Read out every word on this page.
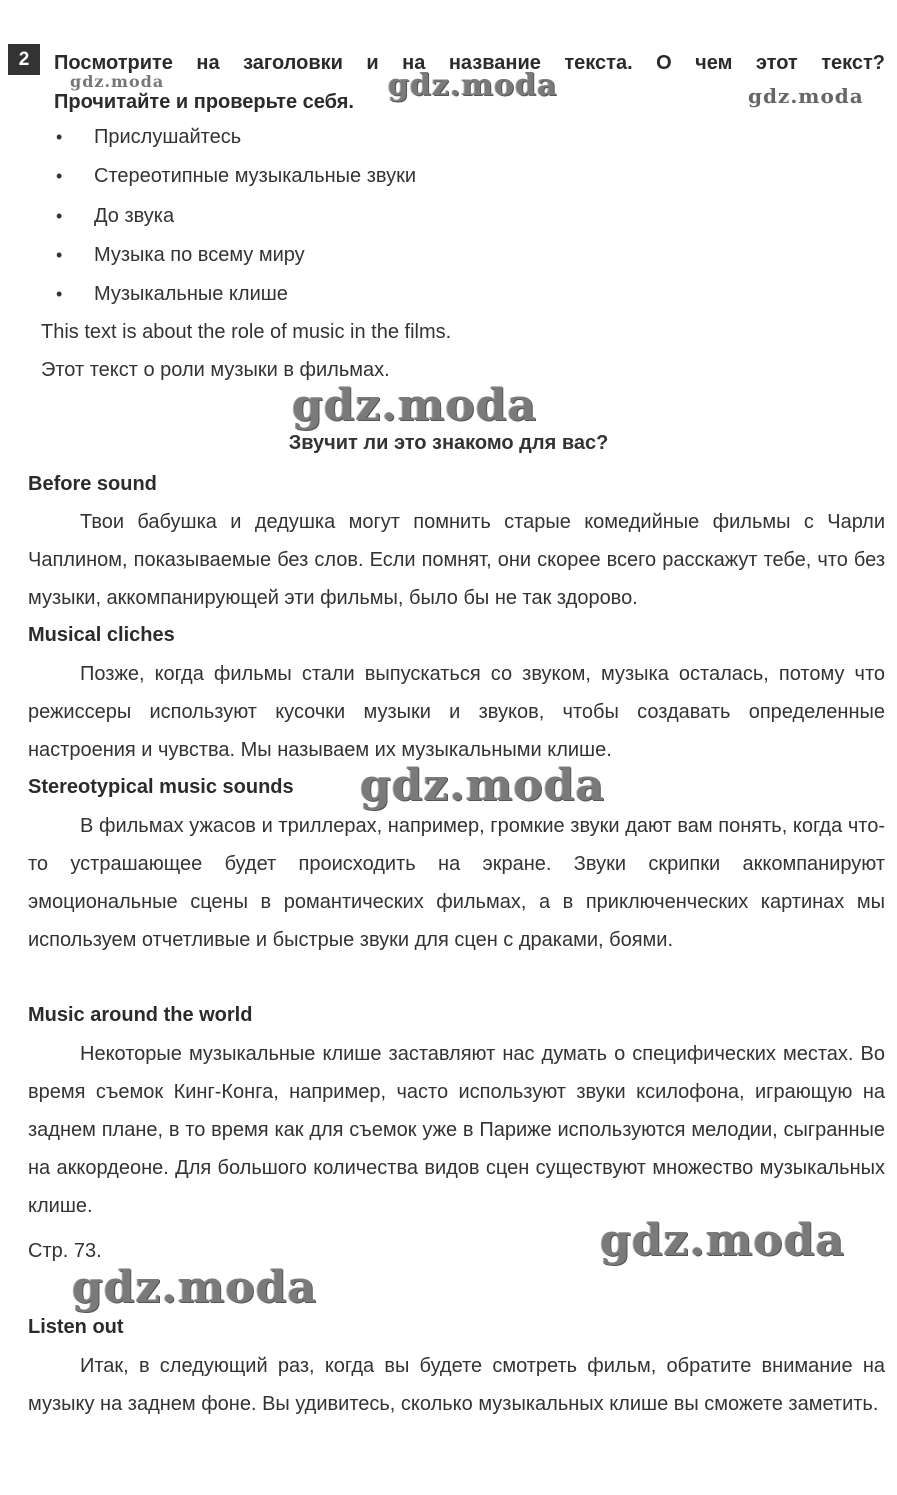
2	Посмотрите на заголовки и на название текста. О чем этот текст?
Прочитайте и проверьте себя.
•	Прислушайтесь
•	Стереотипные музыкальные звуки
•	До звука
•	Музыка по всему миру
•	Музыкальные клише
This text is about the role of music in the films.
Этот текст о роли музыки в фильмах.
Звучит ли это знакомо для вас?
Before sound

Твои бабушка и дедушка могут помнить старые комедийные фильмы с Чарли Чаплином, показываемые без слов. Если помнят, они скорее всего расскажут тебе, что без музыки, аккомпанирующей эти фильмы, было бы не так здорово.

Musical cliches

Позже, когда фильмы стали выпускаться со звуком, музыка осталась, потому что режиссеры используют кусочки музыки и звуков, чтобы создавать определенные настроения и чувства. Мы называем их музыкальными клише.

Stereotypical music sounds

В фильмах ужасов и триллерах, например, громкие звуки дают вам понять, когда что-то устрашающее будет происходить на экране. Звуки скрипки аккомпанируют эмоциональные сцены в романтических фильмах, а в приключенческих картинах мы используем отчетливые и быстрые звуки для сцен с драками, боями.

Music around the world

Некоторые музыкальные клише заставляют нас думать о специфических местах. Во время съемок Кинг-Конга, например, часто используют звуки ксилофона, играющую на заднем плане, в то время как для съемок уже в Париже используются мелодии, сыгранные на аккордеоне. Для большого количества видов сцен существуют множество музыкальных клише.

Стр. 73.
Listen out

Итак, в следующий раз, когда вы будете смотреть фильм, обратите внимание на музыку на заднем фоне. Вы удивитесь, сколько музыкальных клише вы сможете заметить.

gdz.moda
gdz.moda
gdz.moda
gdz.moda
gdz.moda
gdz.moda
gdz.moda
